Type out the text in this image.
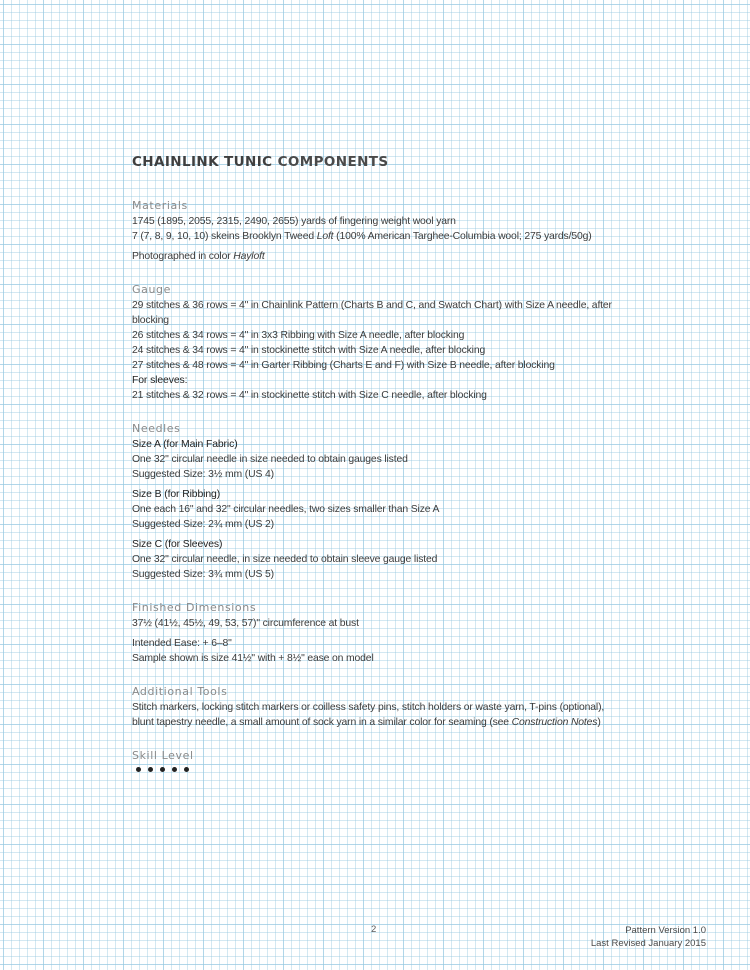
CHAINLINK TUNIC COMPONENTS
Materials
1745 (1895, 2055, 2315, 2490, 2655) yards of fingering weight wool yarn
7 (7, 8, 9, 10, 10) skeins Brooklyn Tweed Loft (100% American Targhee-Columbia wool; 275 yards/50g)
Photographed in color Hayloft
Gauge
29 stitches & 36 rows = 4" in Chainlink Pattern (Charts B and C, and Swatch Chart) with Size A needle, after
blocking
26 stitches & 34 rows = 4" in 3x3 Ribbing with Size A needle, after blocking
24 stitches & 34 rows = 4" in stockinette stitch with Size A needle, after blocking
27 stitches & 48 rows = 4" in Garter Ribbing (Charts E and F) with Size B needle, after blocking
For sleeves:
21 stitches & 32 rows = 4" in stockinette stitch with Size C needle, after blocking
Needles
Size A (for Main Fabric)
One 32" circular needle in size needed to obtain gauges listed
Suggested Size: 3½ mm (US 4)
Size B (for Ribbing)
One each 16" and 32" circular needles, two sizes smaller than Size A
Suggested Size: 2¾ mm (US 2)
Size C (for Sleeves)
One 32" circular needle, in size needed to obtain sleeve gauge listed
Suggested Size: 3¾ mm (US 5)
Finished Dimensions
37½ (41½, 45½, 49, 53, 57)" circumference at bust
Intended Ease: + 6–8"
Sample shown is size 41½" with + 8½" ease on model
Additional Tools
Stitch markers, locking stitch markers or coilless safety pins, stitch holders or waste yarn, T-pins (optional),
blunt tapestry needle, a small amount of sock yarn in a similar color for seaming (see Construction Notes)
Skill Level
2	Pattern Version 1.0
Last Revised January 2015
